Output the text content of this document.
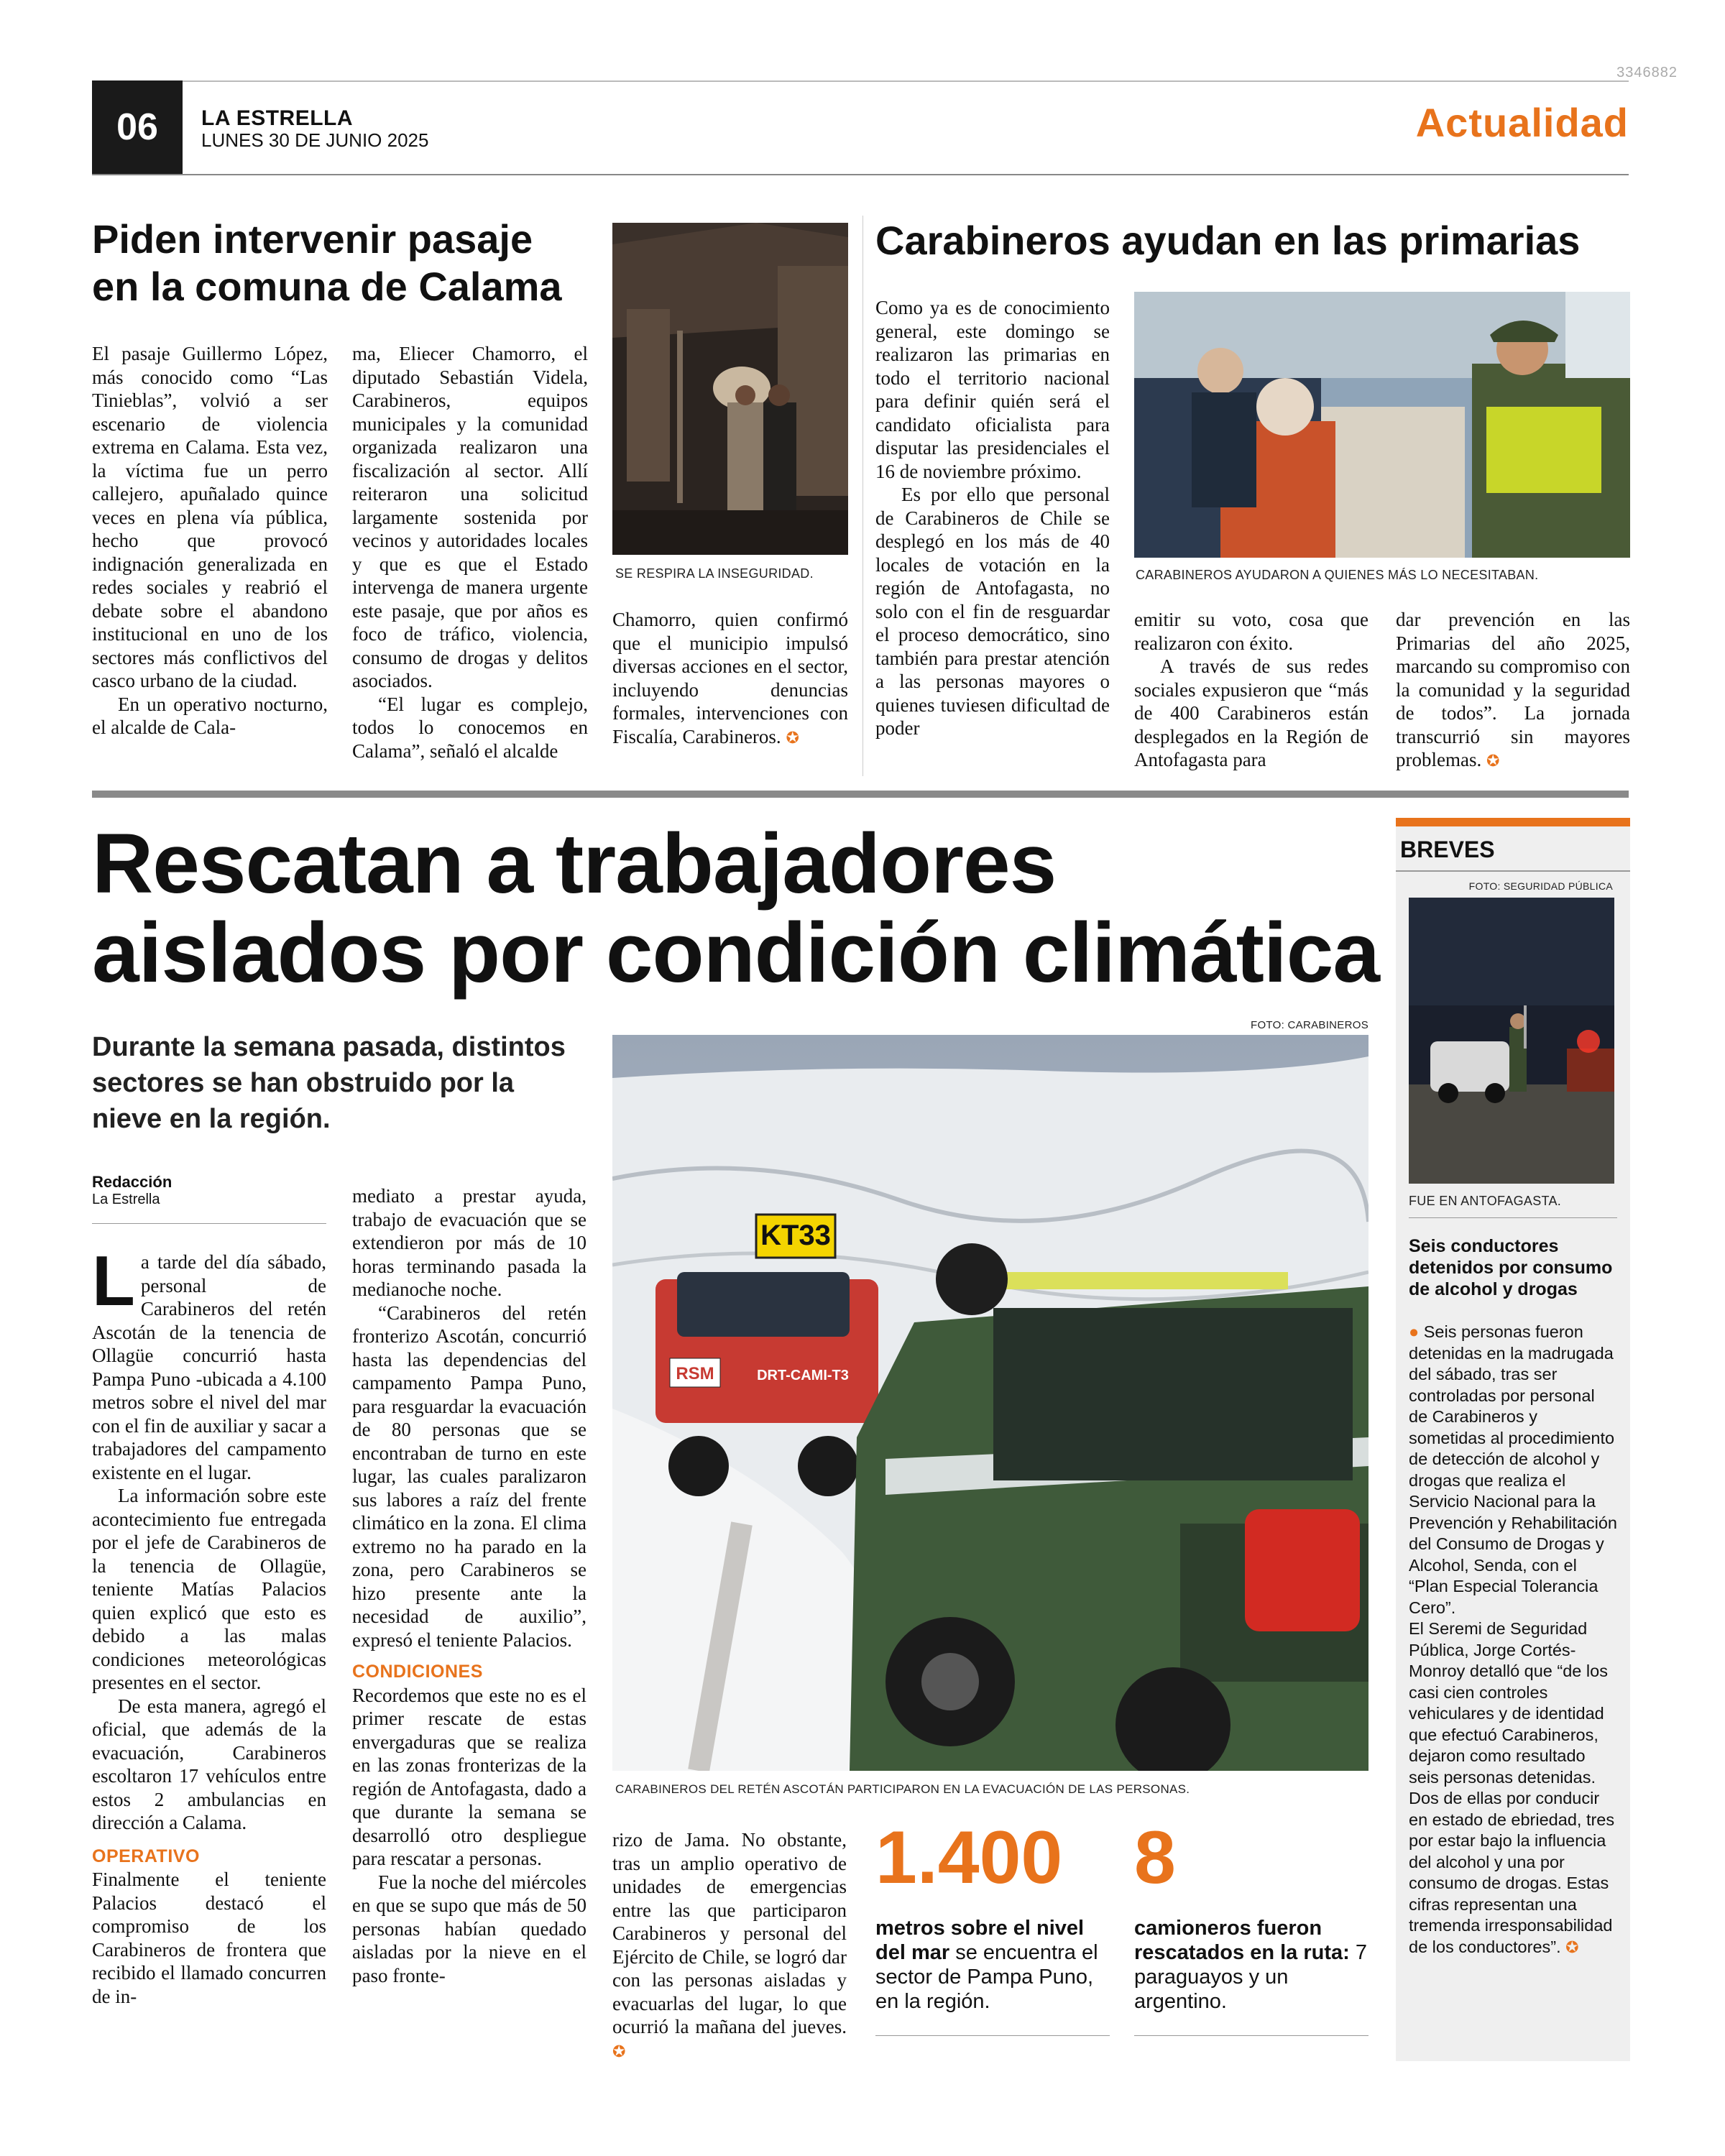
3346882
06 LA ESTRELLA
LUNES 30 DE JUNIO 2025	Actualidad
Piden intervenir pasaje
en la comuna de Calama

El pasaje Guillermo López, más conocido como “Las Tinieblas”, volvió a ser escenario de violencia extrema en Calama. Esta vez, la víctima fue un perro callejero, apuñalado quince veces en plena vía pública, hecho que provocó indignación generalizada en redes sociales y reabrió el debate sobre el abandono institucional en uno de los sectores más conflictivos del casco urbano de la ciudad.

En un operativo nocturno, el alcalde de Cala-

ma, Eliecer Chamorro, el diputado Sebastián Videla, Carabineros, equipos municipales y la comunidad organizada realizaron una fiscalización al sector. Allí reiteraron una solicitud largamente sostenida por vecinos y autoridades locales y que es que el Estado intervenga de manera urgente este pasaje, que por años es foco de tráfico, violencia, consumo de drogas y delitos asociados.

“El lugar es complejo, todos lo conocemos en Calama”, señaló el alcalde

SE RESPIRA LA INSEGURIDAD.

Chamorro, quien confirmó que el municipio impulsó diversas acciones en el sector, incluyendo denuncias formales, intervenciones con Fiscalía, Carabineros. ✪

Carabineros ayudan en las primarias

Como ya es de conocimiento general, este domingo se realizaron las primarias en todo el territorio nacional para definir quién será el candidato oficialista para disputar las presidenciales el 16 de noviembre próximo.

Es por ello que personal de Carabineros de Chile se desplegó en los más de 40 locales de votación en la región de Antofagasta, no solo con el fin de resguardar el proceso democrático, sino también para prestar atención a las personas mayores o quienes tuviesen dificultad de poder

CARABINEROS AYUDARON A QUIENES MÁS LO NECESITABAN.

emitir su voto, cosa que realizaron con éxito.

A través de sus redes sociales expusieron que “más de 400 Carabineros están desplegados en la Región de Antofagasta para

dar prevención en las Primarias del año 2025, marcando su compromiso con la comunidad y la seguridad de todos”. La jornada transcurrió sin mayores problemas. ✪

Rescatan a trabajadores
aislados por condición climática
Durante la semana pasada, distintos sectores se han obstruido por la nieve en la región.
Redacción
La Estrella

La tarde del día sábado, personal de Carabineros del retén Ascotán de la tenencia de Ollagüe concurrió hasta Pampa Puno -ubicada a 4.100 metros sobre el nivel del mar con el fin de auxiliar y sacar a trabajadores del campamento existente en el lugar.

La información sobre este acontecimiento fue entregada por el jefe de Carabineros de la tenencia de Ollagüe, teniente Matías Palacios quien explicó que esto es debido a las malas condiciones meteorológicas presentes en el sector.

De esta manera, agregó el oficial, que además de la evacuación, Carabineros escoltaron 17 vehículos entre estos 2 ambulancias en dirección a Calama.

OPERATIVO

Finalmente el teniente Palacios destacó el compromiso de los Carabineros de frontera que recibido el llamado concurren de in-

mediato a prestar ayuda, trabajo de evacuación que se extendieron por más de 10 horas terminando pasada la medianoche noche.

“Carabineros del retén fronterizo Ascotán, concurrió hasta las dependencias del campamento Pampa Puno, para resguardar la evacuación de 80 personas que se encontraban de turno en este lugar, las cuales paralizaron sus labores a raíz del frente climático en la zona. El clima extremo no ha parado en la zona, pero Carabineros se hizo presente ante la necesidad de auxilio”, expresó el teniente Palacios.

CONDICIONES

Recordemos que este no es el primer rescate de estas envergaduras que se realiza en las zonas fronterizas de la región de Antofagasta, dado a que durante la semana se desarrolló otro despliegue para rescatar a personas.

Fue la noche del miércoles en que se supo que más de 50 personas habían quedado aisladas por la nieve en el paso fronte-

FOTO: CARABINEROS
KT33
RSM	DRT-CAMI-T3
CARABINEROS DEL RETÉN ASCOTÁN PARTICIPARON EN LA EVACUACIÓN DE LAS PERSONAS.

rizo de Jama. No obstante, tras un amplio operativo de unidades de emergencias entre las que participaron Carabineros y personal del Ejército de Chile, se logró dar con las personas aisladas y evacuarlas del lugar, lo que ocurrió la mañana del jueves. ✪

1.400
metros sobre el nivel del mar se encuentra el sector de Pampa Puno, en la región.
8
camioneros fueron rescatados en la ruta: 7 paraguayos y un argentino.
BREVES
FOTO: SEGURIDAD PÚBLICA
FUE EN ANTOFAGASTA.
Seis conductores detenidos por consumo de alcohol y drogas

● Seis personas fueron detenidas en la madrugada del sábado, tras ser controladas por personal de Carabineros y sometidas al procedimiento de detección de alcohol y drogas que realiza el Servicio Nacional para la Prevención y Rehabilitación del Consumo de Drogas y Alcohol, Senda, con el “Plan Especial Tolerancia Cero”.

El Seremi de Seguridad Pública, Jorge Cortés-Monroy detalló que “de los casi cien controles vehiculares y de identidad que efectuó Carabineros, dejaron como resultado seis personas detenidas. Dos de ellas por conducir en estado de ebriedad, tres por estar bajo la influencia del alcohol y una por consumo de drogas. Estas cifras representan una tremenda irresponsabilidad de los conductores”. ✪
